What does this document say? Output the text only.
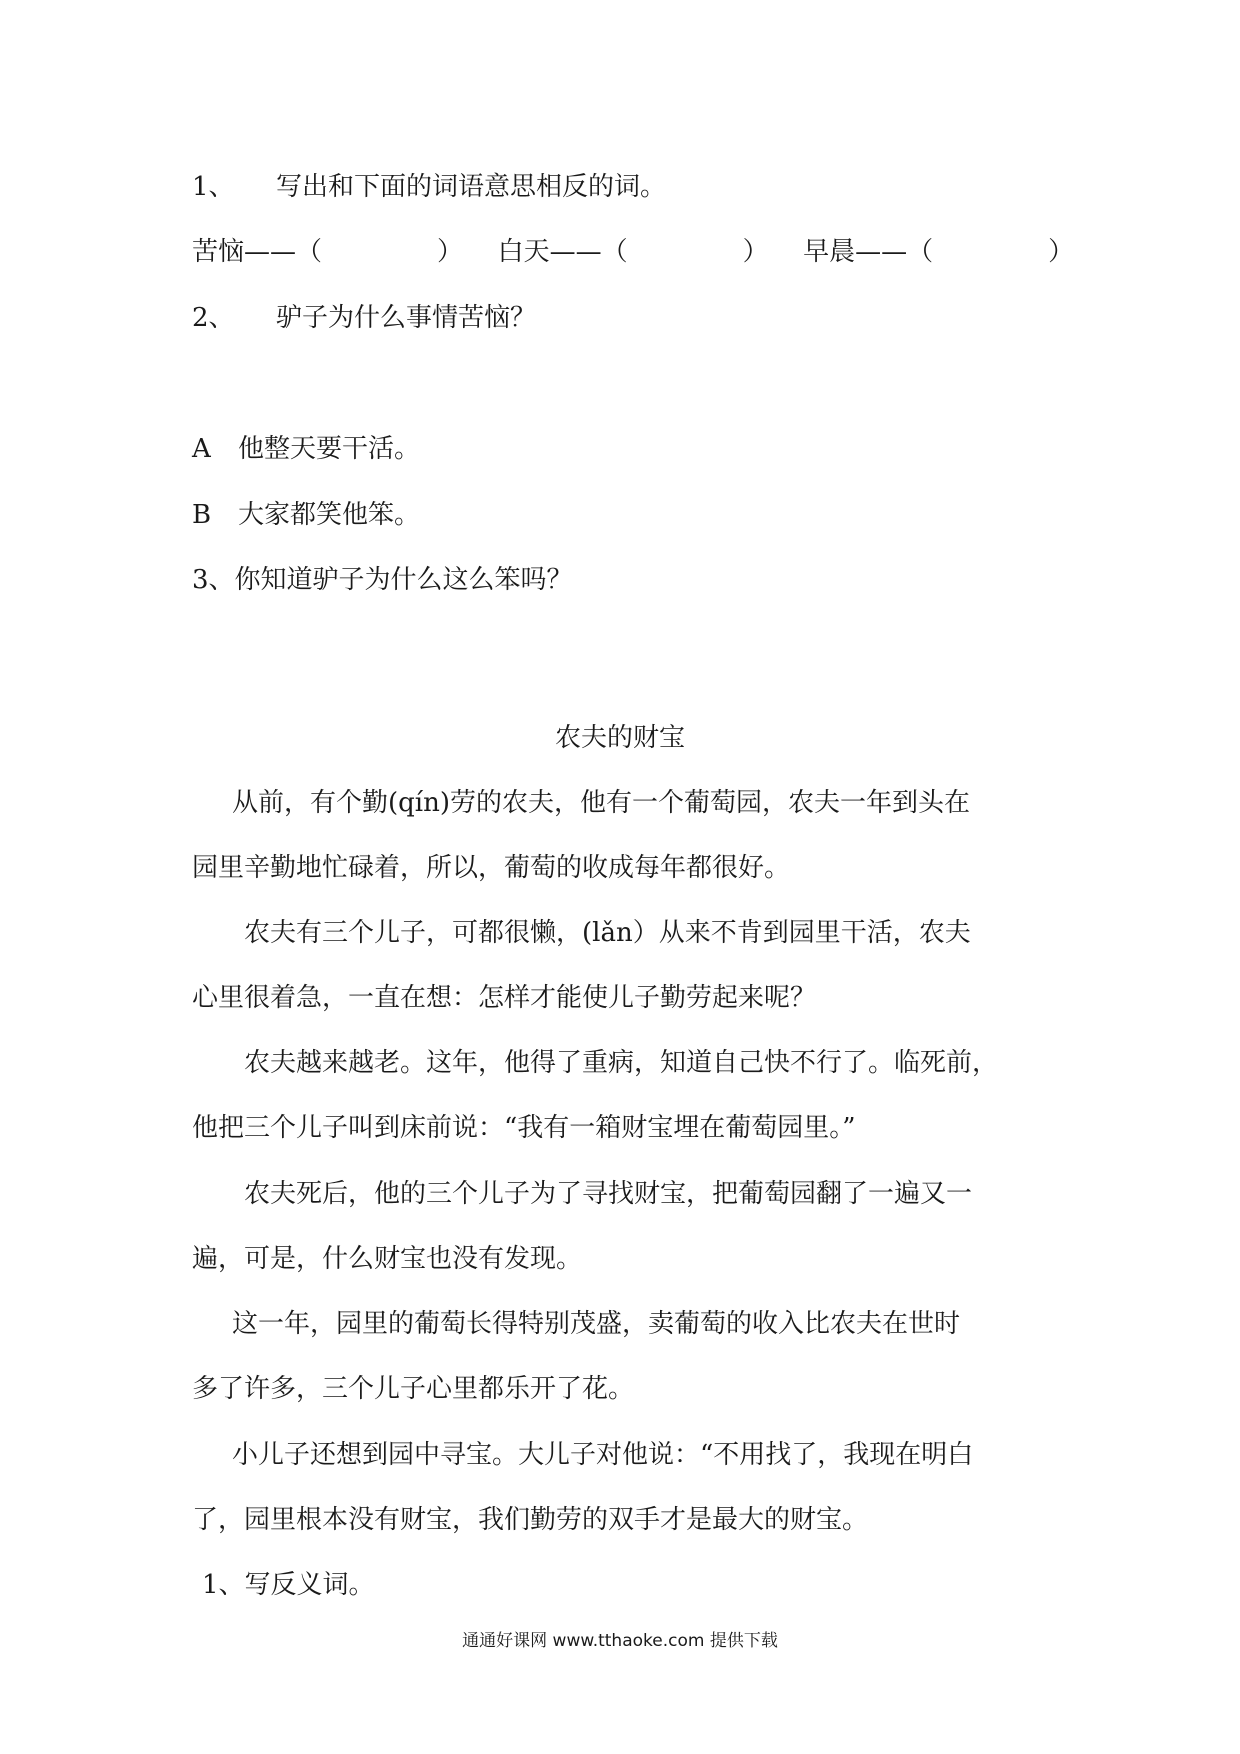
1、 写出和下面的词语意思相反的词。
苦恼——（	） 白天——（	） 早晨——（	）
2、 驴子为什么事情苦恼？
A 他整天要干活。
B 大家都笑他笨。
3、你知道驴子为什么这么笨吗？
农夫的财宝
从前，有个勤(qín)劳的农夫，他有一个葡萄园，农夫一年到头在
园里辛勤地忙碌着，所以，葡萄的收成每年都很好。
农夫有三个儿子，可都很懒，(lǎn）从来不肯到园里干活，农夫
心里很着急，一直在想：怎样才能使儿子勤劳起来呢？
农夫越来越老。这年，他得了重病，知道自己快不行了。临死前，
他把三个儿子叫到床前说：“我有一箱财宝埋在葡萄园里。”
农夫死后，他的三个儿子为了寻找财宝，把葡萄园翻了一遍又一
遍，可是，什么财宝也没有发现。
这一年，园里的葡萄长得特别茂盛，卖葡萄的收入比农夫在世时
多了许多，三个儿子心里都乐开了花。
小儿子还想到园中寻宝。大儿子对他说：“不用找了，我现在明白
了，园里根本没有财宝，我们勤劳的双手才是最大的财宝。
1、写反义词。
通通好课网 www.tthaoke.com 提供下载
